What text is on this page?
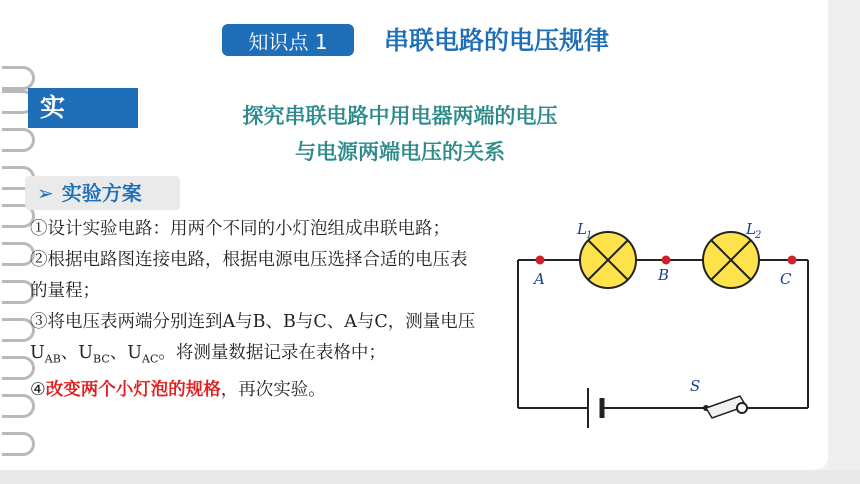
知识点 1	串联电路的电压规律
实验
探究串联电路中用电器两端的电压
与电源两端电压的关系
➢ 实验方案

①设计实验电路：用两个不同的小灯泡组成串联电路；

②根据电路图连接电路，根据电源电压选择合适的电压表的量程；

③将电压表两端分别连到A与B、B与C、A与C，测量电压$U_{AB}$、$U_{BC}$、$U_{AC}$。将测量数据记录在表格中；

④改变两个小灯泡的规格，再次实验。

L 1	L 2
A	B	C
S
